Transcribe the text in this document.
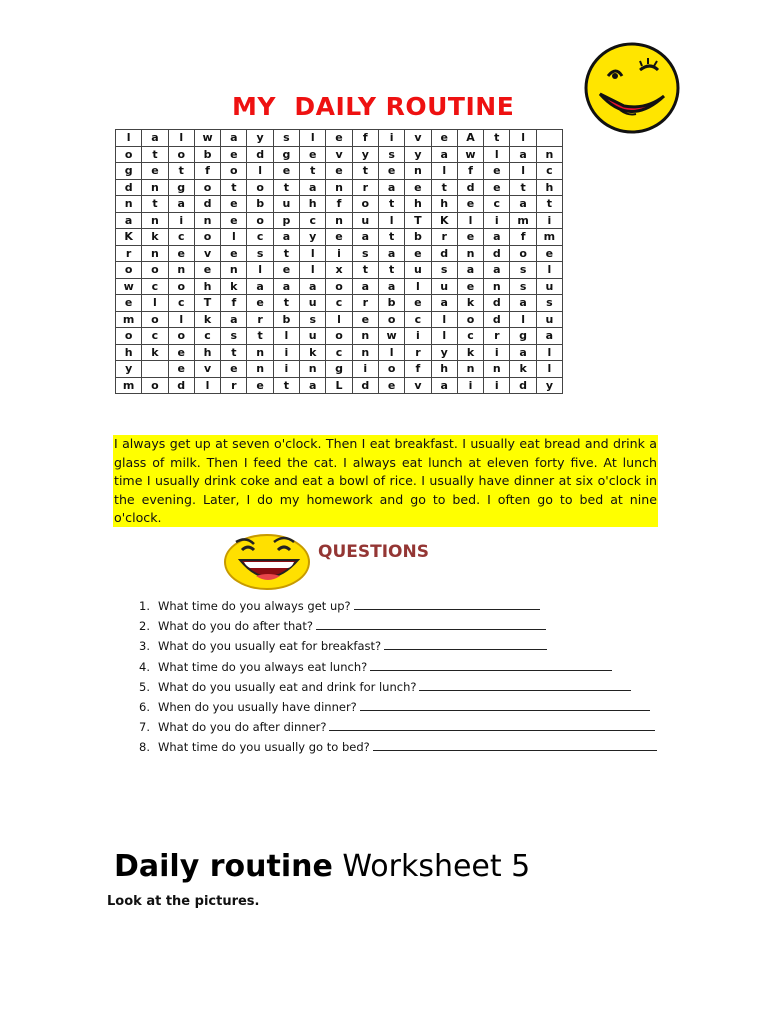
MY  DAILY ROUTINE
l	a	l	w	a	y	s	l	e	f	i	v	e	A	t	l	
o	t	o	b	e	d	g	e	v	y	s	y	a	w	l	a	n
g	e	t	f	o	l	e	t	e	t	e	n	l	f	e	l	c
d	n	g	o	t	o	t	a	n	r	a	e	t	d	e	t	h
n	t	a	d	e	b	u	h	f	o	t	h	h	e	c	a	t
a	n	i	n	e	o	p	c	n	u	l	T	K	l	i	m	i
K	k	c	o	l	c	a	y	e	a	t	b	r	e	a	f	m
r	n	e	v	e	s	t	l	i	s	a	e	d	n	d	o	e
o	o	n	e	n	l	e	l	x	t	t	u	s	a	a	s	l
w	c	o	h	k	a	a	a	o	a	a	l	u	e	n	s	u
e	l	c	T	f	e	t	u	c	r	b	e	a	k	d	a	s
m	o	l	k	a	r	b	s	l	e	o	c	l	o	d	l	u
o	c	o	c	s	t	l	u	o	n	w	i	l	c	r	g	a
h	k	e	h	t	n	i	k	c	n	l	r	y	k	i	a	l
y		e	v	e	n	i	n	g	i	o	f	h	n	n	k	l
m	o	d	l	r	e	t	a	L	d	e	v	a	i	i	d	y
I always get up at seven o'clock. Then I eat breakfast. I usually eat bread and drink a glass of milk. Then I feed the cat. I always eat lunch at eleven forty five. At lunch time I usually drink coke and eat a bowl of rice. I usually have dinner at six o'clock in the evening. Later, I do my homework and go to bed. I often go to bed at nine o'clock.
QUESTIONS
1. What time do you always get up?
2. What do you do after that?
3. What do you usually eat for breakfast?
4. What time do you always eat lunch?
5. What do you usually eat and drink for lunch?
6. When do you usually have dinner?
7. What do you do after dinner?
8. What time do you usually go to bed?
Daily routine Worksheet 5
Look at the pictures.
